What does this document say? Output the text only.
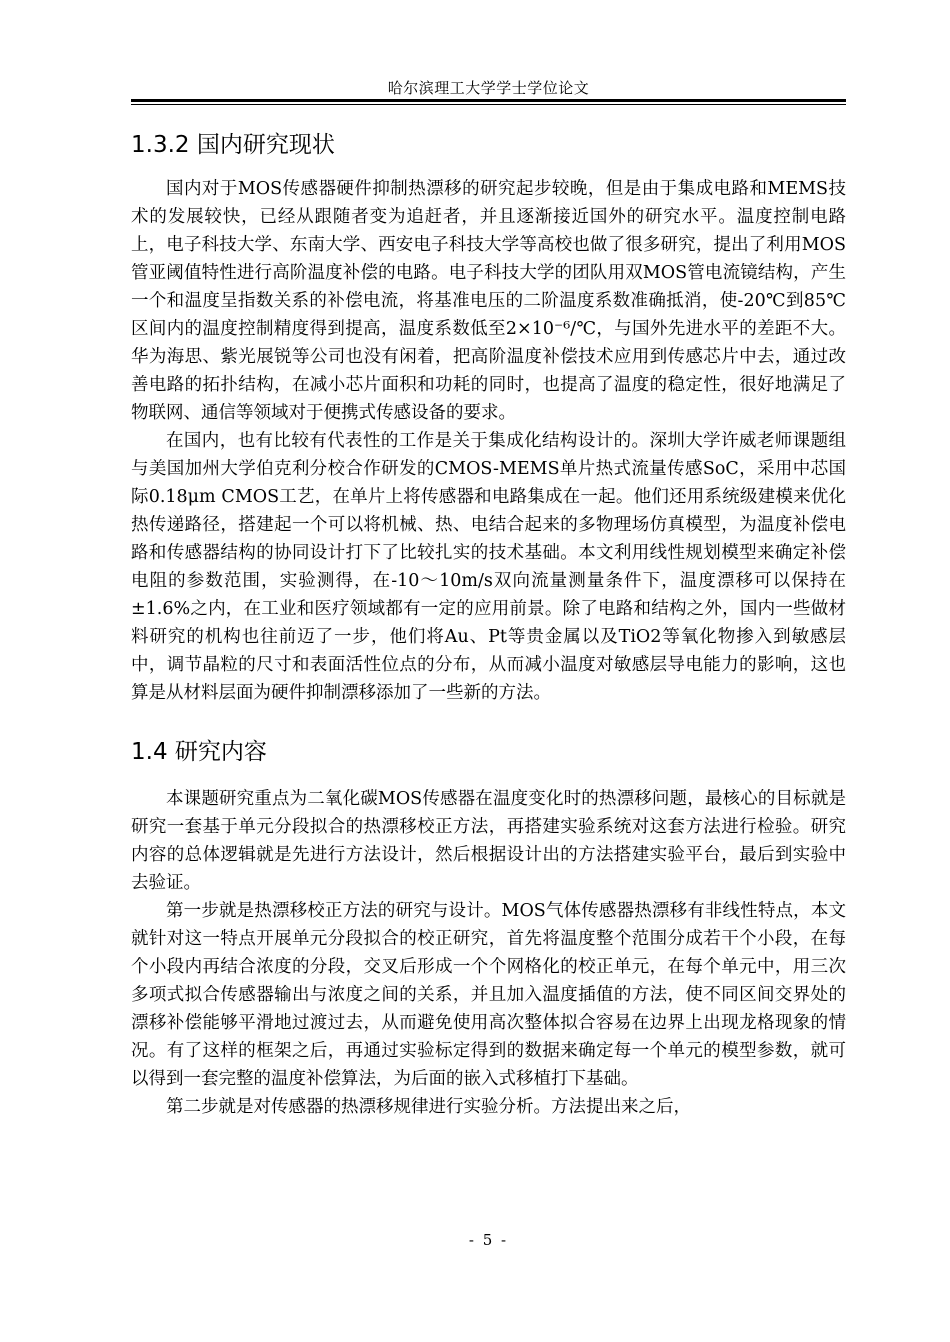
哈尔滨理工大学学士学位论文
1.3.2 国内研究现状

国内对于MOS传感器硬件抑制热漂移的研究起步较晚，但是由于集成电路和MEMS技术的发展较快，已经从跟随者变为追赶者，并且逐渐接近国外的研究水平。温度控制电路上，电子科技大学、东南大学、西安电子科技大学等高校也做了很多研究，提出了利用MOS管亚阈值特性进行高阶温度补偿的电路。电子科技大学的团队用双MOS管电流镜结构，产生一个和温度呈指数关系的补偿电流，将基准电压的二阶温度系数准确抵消，使-20℃到85℃区间内的温度控制精度得到提高，温度系数低至2×10⁻⁶/℃，与国外先进水平的差距不大。华为海思、紫光展锐等公司也没有闲着，把高阶温度补偿技术应用到传感芯片中去，通过改善电路的拓扑结构，在减小芯片面积和功耗的同时，也提高了温度的稳定性，很好地满足了物联网、通信等领域对于便携式传感设备的要求。

在国内，也有比较有代表性的工作是关于集成化结构设计的。深圳大学许威老师课题组与美国加州大学伯克利分校合作研发的CMOS-MEMS单片热式流量传感SoC，采用中芯国际0.18μm CMOS工艺，在单片上将传感器和电路集成在一起。他们还用系统级建模来优化热传递路径，搭建起一个可以将机械、热、电结合起来的多物理场仿真模型，为温度补偿电路和传感器结构的协同设计打下了比较扎实的技术基础。本文利用线性规划模型来确定补偿电阻的参数范围，实验测得，在-10～10m/s双向流量测量条件下，温度漂移可以保持在±1.6%之内，在工业和医疗领域都有一定的应用前景。除了电路和结构之外，国内一些做材料研究的机构也往前迈了一步，他们将Au、Pt等贵金属以及TiO2等氧化物掺入到敏感层中，调节晶粒的尺寸和表面活性位点的分布，从而减小温度对敏感层导电能力的影响，这也算是从材料层面为硬件抑制漂移添加了一些新的方法。

1.4 研究内容

本课题研究重点为二氧化碳MOS传感器在温度变化时的热漂移问题，最核心的目标就是研究一套基于单元分段拟合的热漂移校正方法，再搭建实验系统对这套方法进行检验。研究内容的总体逻辑就是先进行方法设计，然后根据设计出的方法搭建实验平台，最后到实验中去验证。

第一步就是热漂移校正方法的研究与设计。MOS气体传感器热漂移有非线性特点，本文就针对这一特点开展单元分段拟合的校正研究，首先将温度整个范围分成若干个小段，在每个小段内再结合浓度的分段，交叉后形成一个个网格化的校正单元，在每个单元中，用三次多项式拟合传感器输出与浓度之间的关系，并且加入温度插值的方法，使不同区间交界处的漂移补偿能够平滑地过渡过去，从而避免使用高次整体拟合容易在边界上出现龙格现象的情况。有了这样的框架之后，再通过实验标定得到的数据来确定每一个单元的模型参数，就可以得到一套完整的温度补偿算法，为后面的嵌入式移植打下基础。

第二步就是对传感器的热漂移规律进行实验分析。方法提出来之后，

- 5 -
